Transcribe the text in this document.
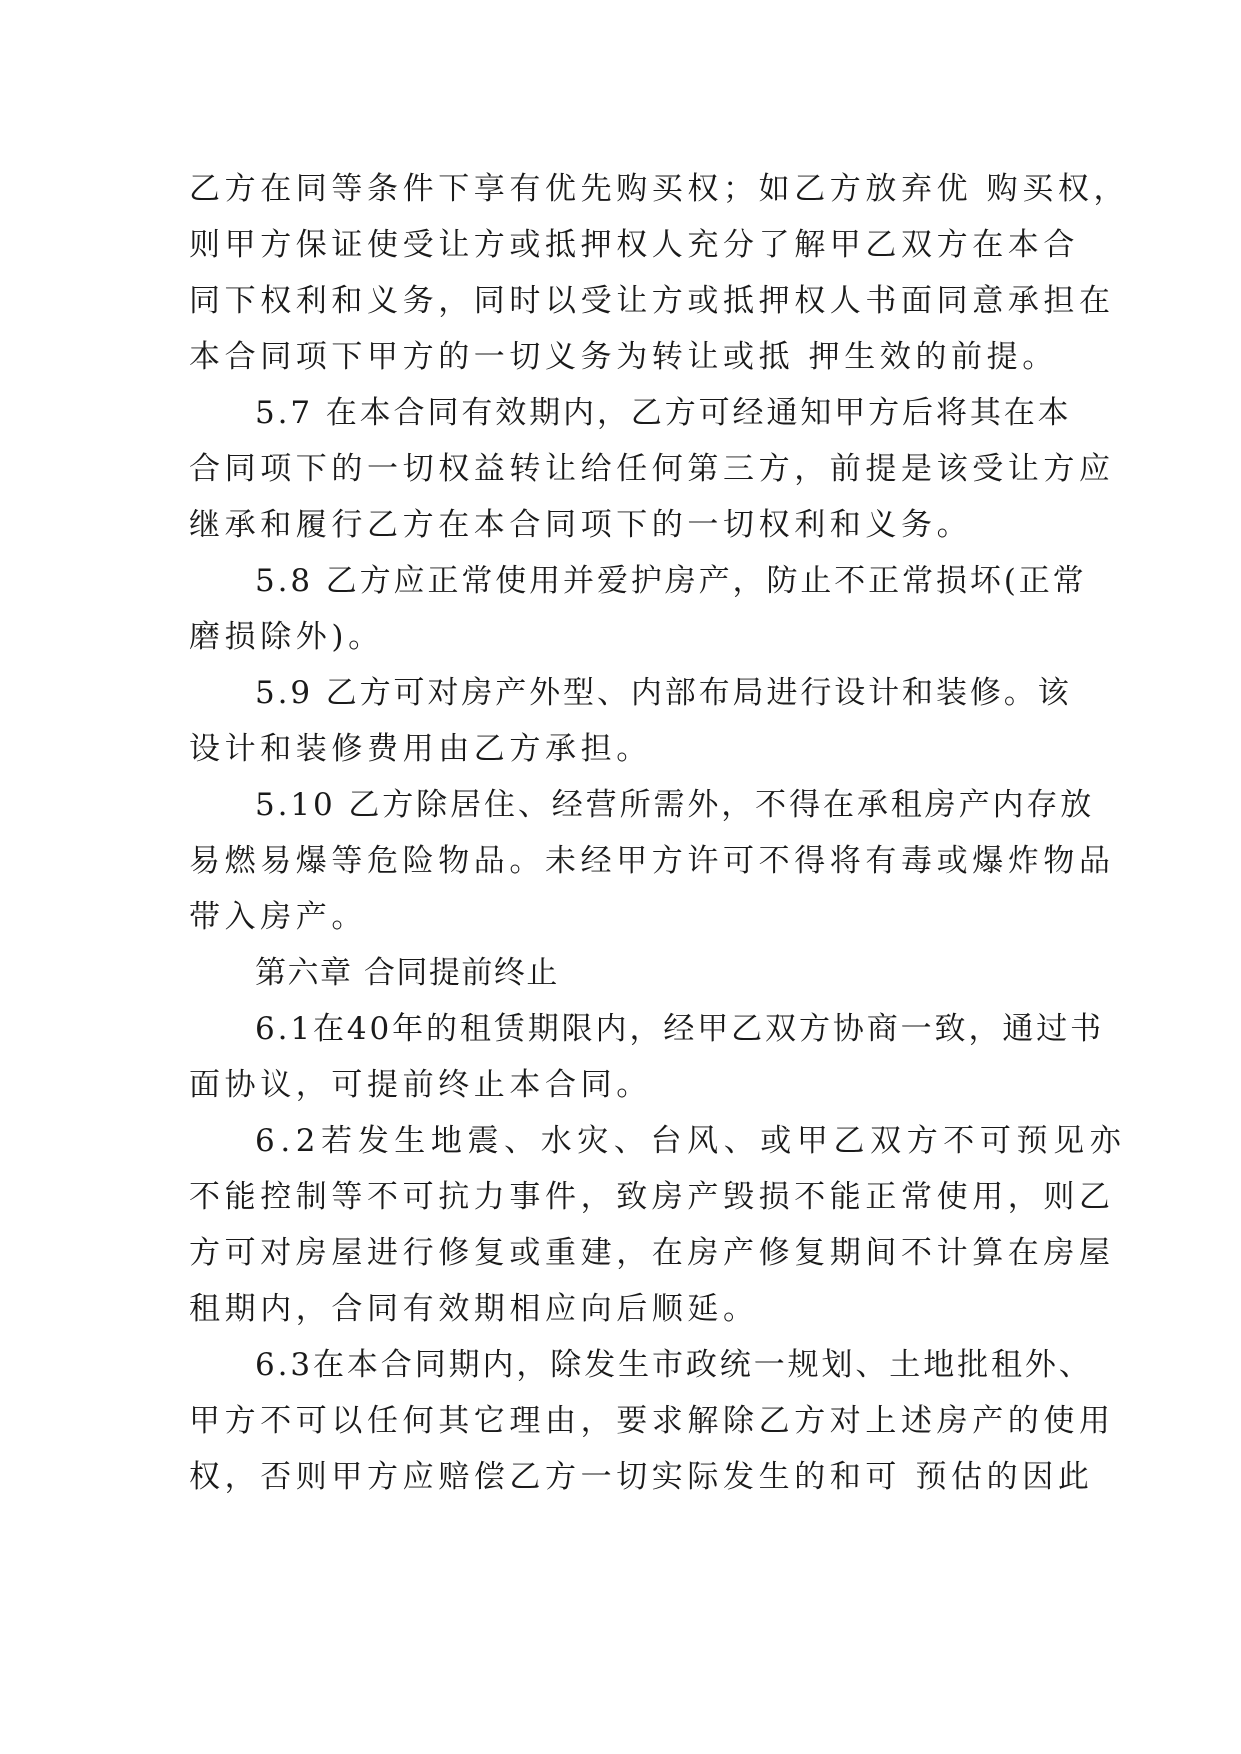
乙方在同等条件下享有优先购买权；如乙方放弃优 购买权，
则甲方保证使受让方或抵押权人充分了解甲乙双方在本合
同下权利和义务，同时以受让方或抵押权人书面同意承担在
本合同项下甲方的一切义务为转让或抵 押生效的前提。
5.7 在本合同有效期内，乙方可经通知甲方后将其在本
合同项下的一切权益转让给任何第三方，前提是该受让方应
继承和履行乙方在本合同项下的一切权利和义务。
5.8 乙方应正常使用并爱护房产，防止不正常损坏(正常
磨损除外)。
5.9 乙方可对房产外型、内部布局进行设计和装修。该
设计和装修费用由乙方承担。
5.10 乙方除居住、经营所需外，不得在承租房产内存放
易燃易爆等危险物品。未经甲方许可不得将有毒或爆炸物品
带入房产。
第六章 合同提前终止
6.1在40年的租赁期限内，经甲乙双方协商一致，通过书
面协议，可提前终止本合同。
6.2若发生地震、水灾、台风、或甲乙双方不可预见亦
不能控制等不可抗力事件，致房产毁损不能正常使用，则乙
方可对房屋进行修复或重建，在房产修复期间不计算在房屋
租期内，合同有效期相应向后顺延。
6.3在本合同期内，除发生市政统一规划、土地批租外、
甲方不可以任何其它理由，要求解除乙方对上述房产的使用
权，否则甲方应赔偿乙方一切实际发生的和可 预估的因此
